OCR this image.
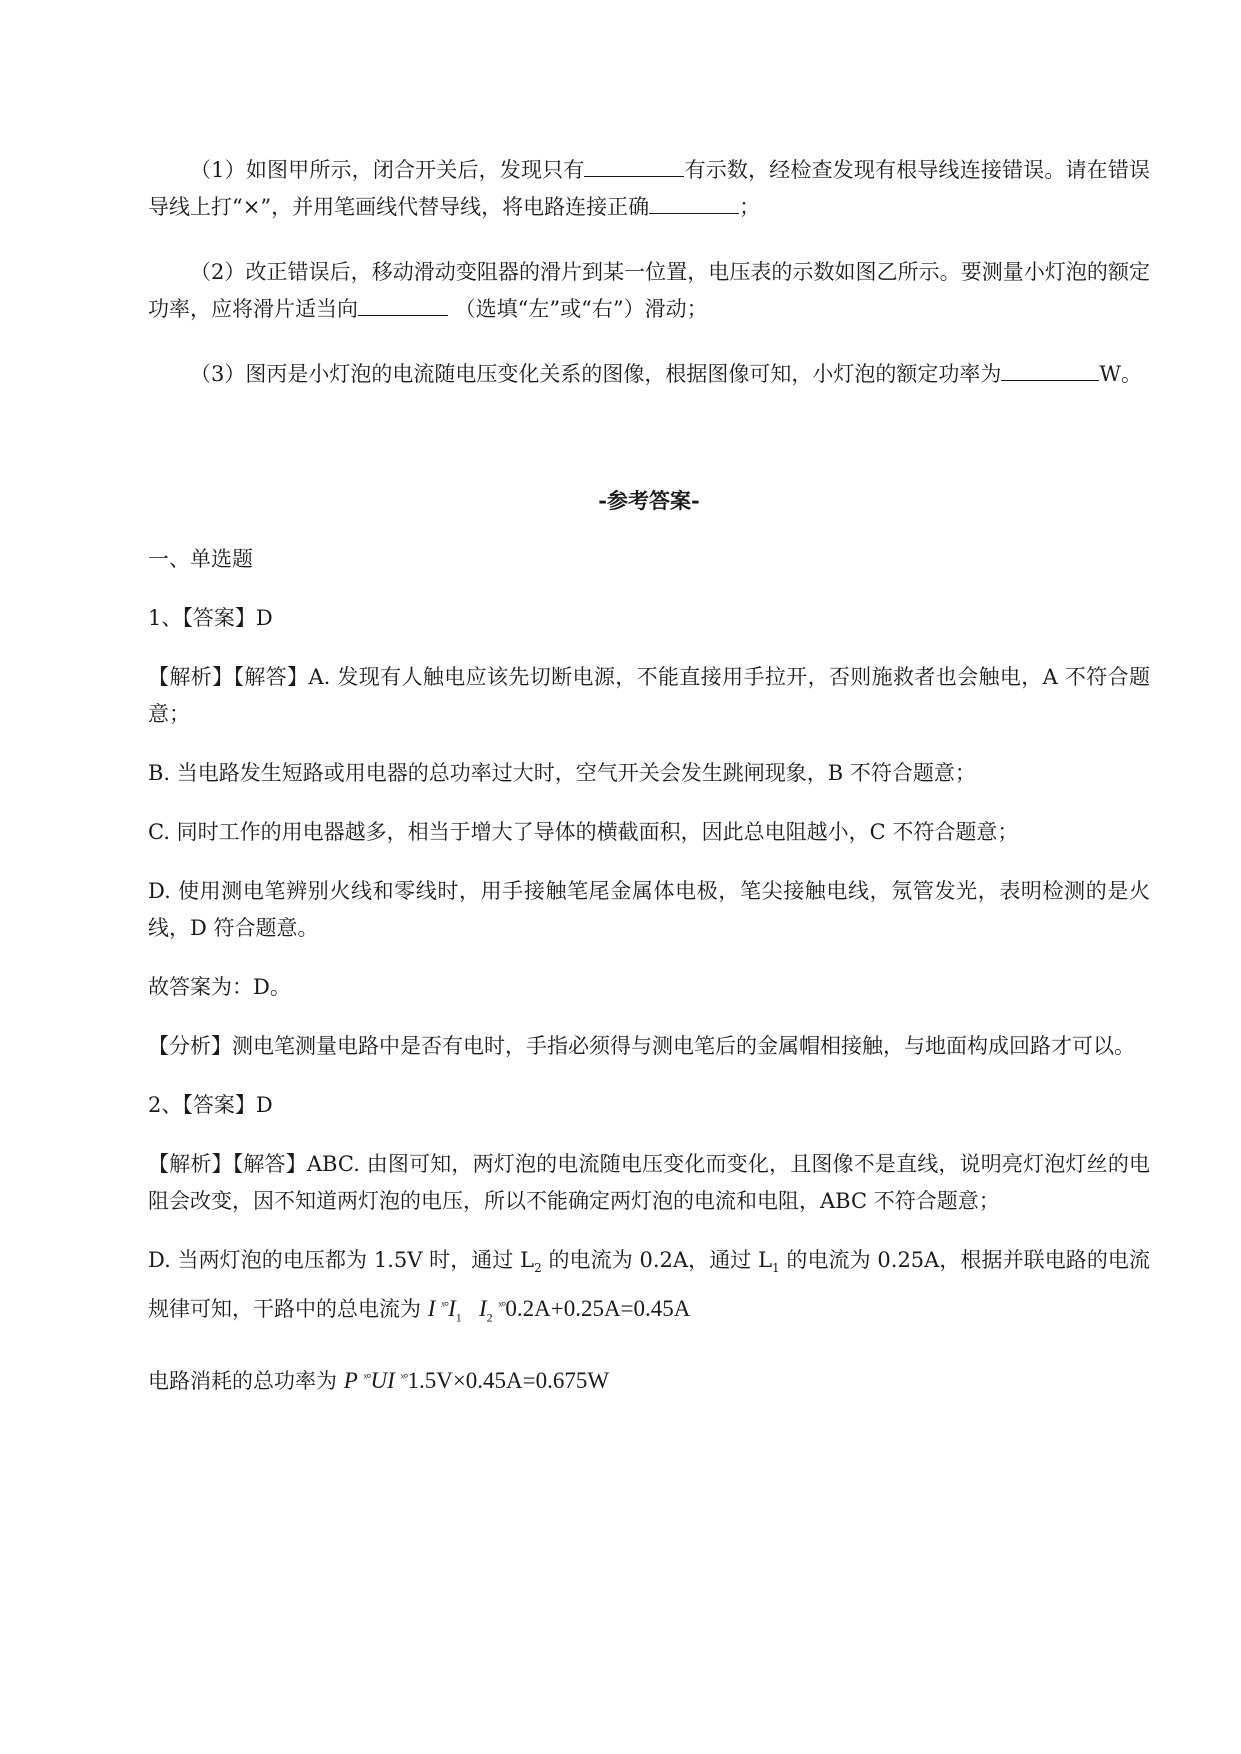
（1）如图甲所示，闭合开关后，发现只有	有示数，经检查发现有根导线连接错误。请在错误导线上打“×”，并用笔画线代替导线，将电路连接正确	；

（2）改正错误后，移动滑动变阻器的滑片到某一位置，电压表的示数如图乙所示。要测量小灯泡的额定功率，应将滑片适当向	（选填“左”或“右”）滑动；

（3）图丙是小灯泡的电流随电压变化关系的图像，根据图像可知，小灯泡的额定功率为	W。

-参考答案-

一、单选题

1、【答案】D

【解析】【解答】A. 发现有人触电应该先切断电源，不能直接用手拉开，否则施救者也会触电，A 不符合题意；

B. 当电路发生短路或用电器的总功率过大时，空气开关会发生跳闸现象，B 不符合题意；

C. 同时工作的用电器越多，相当于增大了导体的横截面积，因此总电阻越小，C 不符合题意；

D. 使用测电笔辨别火线和零线时，用手接触笔尾金属体电极，笔尖接触电线，氖管发光，表明检测的是火线，D 符合题意。

故答案为：D。

【分析】测电笔测量电路中是否有电时，手指必须得与测电笔后的金属帽相接触，与地面构成回路才可以。

2、【答案】D

【解析】【解答】ABC. 由图可知，两灯泡的电流随电压变化而变化，且图像不是直线，说明亮灯泡灯丝的电阻会改变，因不知道两灯泡的电压，所以不能确定两灯泡的电流和电阻，ABC 不符合题意；

D. 当两灯泡的电压都为 1.5V 时，通过 $L_2$ 的电流为 0.2A，通过 $L_1$ 的电流为 0.25A，根据并联电路的电流规律可知，干路中的总电流为 I $^{ˣ^\circ}I_1$ $I_2$ $^{ˣ^\circ}$0.2A+0.25A=0.45A

电路消耗的总功率为 P $^{ˣ^\circ}$UI $^{ˣ^\circ}$1.5V×0.45A=0.675W
